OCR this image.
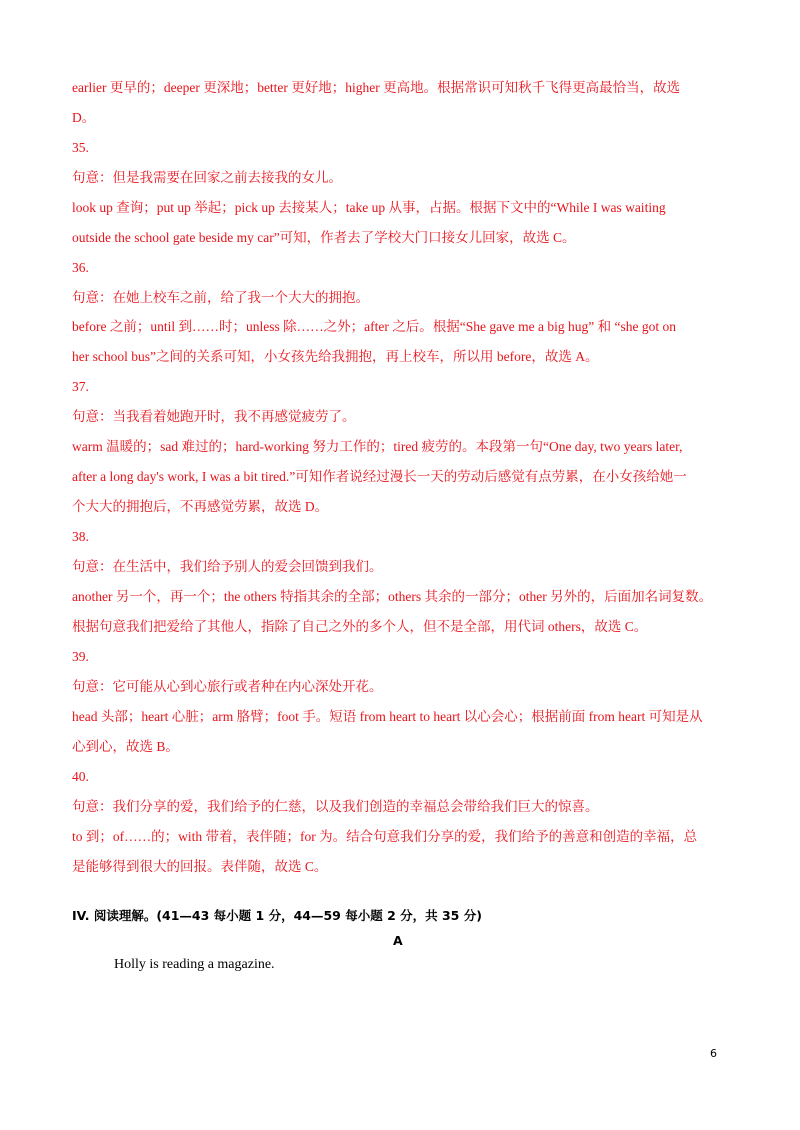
earlier 更早的；deeper 更深地；better 更好地；higher 更高地。根据常识可知秋千飞得更高最恰当，故选
D。
35.
句意：但是我需要在回家之前去接我的女儿。
look up 查询；put up 举起；pick up 去接某人；take up 从事，占据。根据下文中的“While I was waiting
outside the school gate beside my car”可知，作者去了学校大门口接女儿回家，故选 C。
36.
句意：在她上校车之前，给了我一个大大的拥抱。
before 之前；until 到……时；unless 除……之外；after 之后。根据“She gave me a big hug” 和 “she got on
her school bus”之间的关系可知，小女孩先给我拥抱，再上校车，所以用 before，故选 A。
37.
句意：当我看着她跑开时，我不再感觉疲劳了。
warm 温暖的；sad 难过的；hard-working 努力工作的；tired 疲劳的。本段第一句“One day, two years later,
after a long day's work, I was a bit tired.”可知作者说经过漫长一天的劳动后感觉有点劳累，在小女孩给她一
个大大的拥抱后，不再感觉劳累，故选 D。
38.
句意：在生活中，我们给予别人的爱会回馈到我们。
another 另一个，再一个；the others 特指其余的全部；others 其余的一部分；other 另外的，后面加名词复数。
根据句意我们把爱给了其他人，指除了自己之外的多个人，但不是全部，用代词 others，故选 C。
39.
句意：它可能从心到心旅行或者种在内心深处开花。
head 头部；heart 心脏；arm 胳臂；foot 手。短语 from heart to heart 以心会心；根据前面 from heart 可知是从
心到心，故选 B。
40.
句意：我们分享的爱，我们给予的仁慈，以及我们创造的幸福总会带给我们巨大的惊喜。
to 到；of……的；with 带着，表伴随；for 为。结合句意我们分享的爱，我们给予的善意和创造的幸福，总
是能够得到很大的回报。表伴随，故选 C。
IV. 阅读理解。(41—43 每小题 1 分，44—59 每小题 2 分，共 35 分)
A
Holly is reading a magazine.
6
